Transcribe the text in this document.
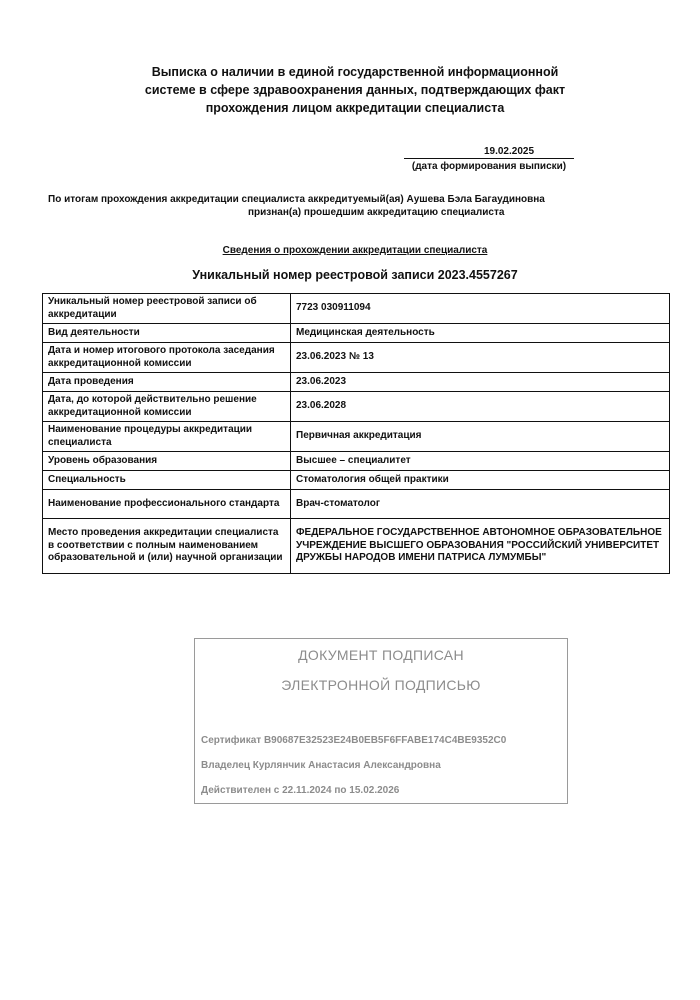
Выписка о наличии в единой государственной информационной
системе в сфере здравоохранения данных, подтверждающих факт
прохождения лицом аккредитации специалиста
19.02.2025
(дата формирования выписки)
По итогам прохождения аккредитации специалиста аккредитуемый(ая) Аушева Бэла Багаудиновна
признан(а) прошедшим аккредитацию специалиста
Сведения о прохождении аккредитации специалиста
Уникальный номер реестровой записи 2023.4557267
Уникальный номер реестровой записи об аккредитации	7723 030911094
Вид деятельности	Медицинская деятельность
Дата и номер итогового протокола заседания аккредитационной комиссии	23.06.2023 № 13
Дата проведения	23.06.2023
Дата, до которой действительно решение аккредитационной комиссии	23.06.2028
Наименование процедуры аккредитации специалиста	Первичная аккредитация
Уровень образования	Высшее – специалитет
Специальность	Стоматология общей практики
Наименование профессионального стандарта	Врач-стоматолог
Место проведения аккредитации специалиста в соответствии с полным наименованием образовательной и (или) научной организации	ФЕДЕРАЛЬНОЕ ГОСУДАРСТВЕННОЕ АВТОНОМНОЕ ОБРАЗОВАТЕЛЬНОЕ УЧРЕЖДЕНИЕ ВЫСШЕГО ОБРАЗОВАНИЯ "РОССИЙСКИЙ УНИВЕРСИТЕТ ДРУЖБЫ НАРОДОВ ИМЕНИ ПАТРИСА ЛУМУМБЫ"
ДОКУМЕНТ ПОДПИСАН
ЭЛЕКТРОННОЙ ПОДПИСЬЮ
Сертификат B90687E32523E24B0EB5F6FFABE174C4BE9352C0
Владелец Курлянчик Анастасия Александровна
Действителен с 22.11.2024 по 15.02.2026
